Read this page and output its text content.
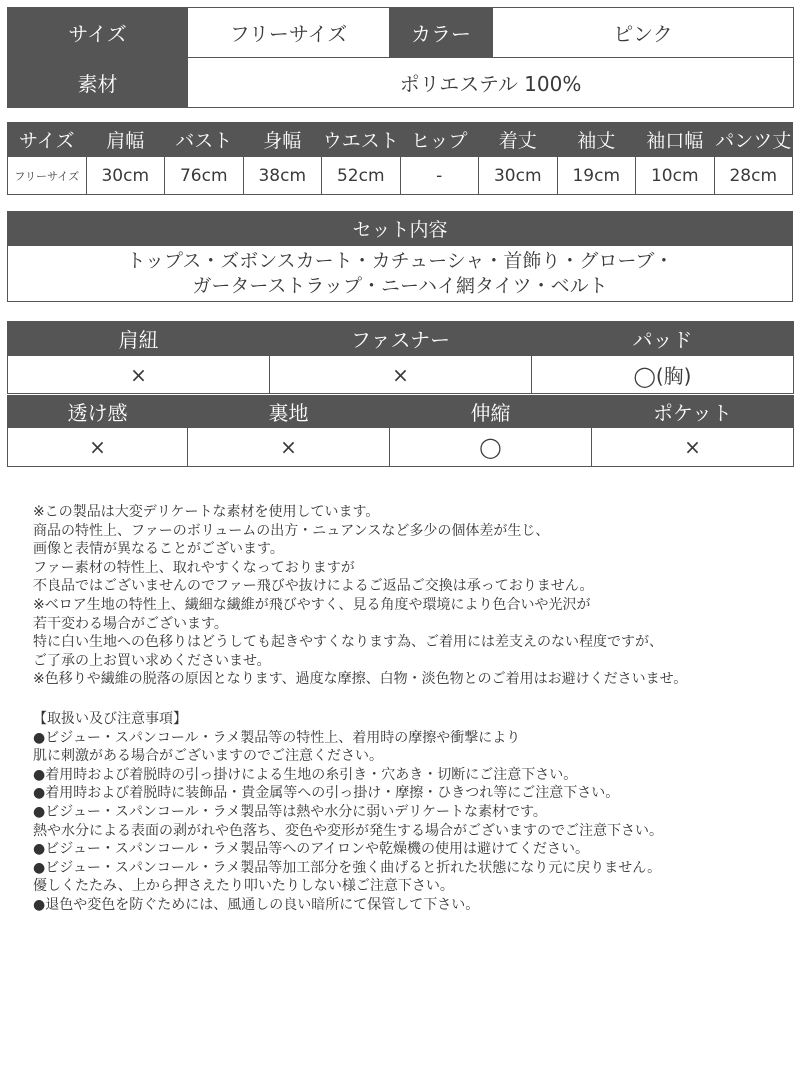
サイズ	フリーサイズ	カラー	ピンク
素材	ポリエステル 100%		
サイズ	肩幅	バスト	身幅	ウエスト	ヒップ	着丈	袖丈	袖口幅	パンツ丈
フリーサイズ	30cm	76cm	38cm	52cm	-	30cm	19cm	10cm	28cm
セット内容

トップス・ズボンスカート・カチューシャ・首飾り・グローブ・
ガーターストラップ・ニーハイ網タイツ・ベルト
肩紐	ファスナー	パッド
×	×	◯(胸)
透け感	裏地	伸縮	ポケット
×	×	◯	×
※この製品は大変デリケートな素材を使用しています。
商品の特性上、ファーのボリュームの出方・ニュアンスなど多少の個体差が生じ、
画像と表情が異なることがございます。
ファー素材の特性上、取れやすくなっておりますが
不良品ではございませんのでファー飛びや抜けによるご返品ご交換は承っておりません。
※ベロア生地の特性上、繊細な繊維が飛びやすく、見る角度や環境により色合いや光沢が
若干変わる場合がございます。
特に白い生地への色移りはどうしても起きやすくなります為、ご着用には差支えのない程度ですが、
ご了承の上お買い求めくださいませ。
※色移りや繊維の脱落の原因となります、過度な摩擦、白物・淡色物とのご着用はお避けくださいませ。
【取扱い及び注意事項】
●ビジュー・スパンコール・ラメ製品等の特性上、着用時の摩擦や衝撃により
肌に刺激がある場合がございますのでご注意ください。
●着用時および着脱時の引っ掛けによる生地の糸引き・穴あき・切断にご注意下さい。
●着用時および着脱時に装飾品・貴金属等への引っ掛け・摩擦・ひきつれ等にご注意下さい。
●ビジュー・スパンコール・ラメ製品等は熱や水分に弱いデリケートな素材です。
熱や水分による表面の剥がれや色落ち、変色や変形が発生する場合がございますのでご注意下さい。
●ビジュー・スパンコール・ラメ製品等へのアイロンや乾燥機の使用は避けてください。
●ビジュー・スパンコール・ラメ製品等加工部分を強く曲げると折れた状態になり元に戻りません。
優しくたたみ、上から押さえたり叩いたりしない様ご注意下さい。
●退色や変色を防ぐためには、風通しの良い暗所にて保管して下さい。
